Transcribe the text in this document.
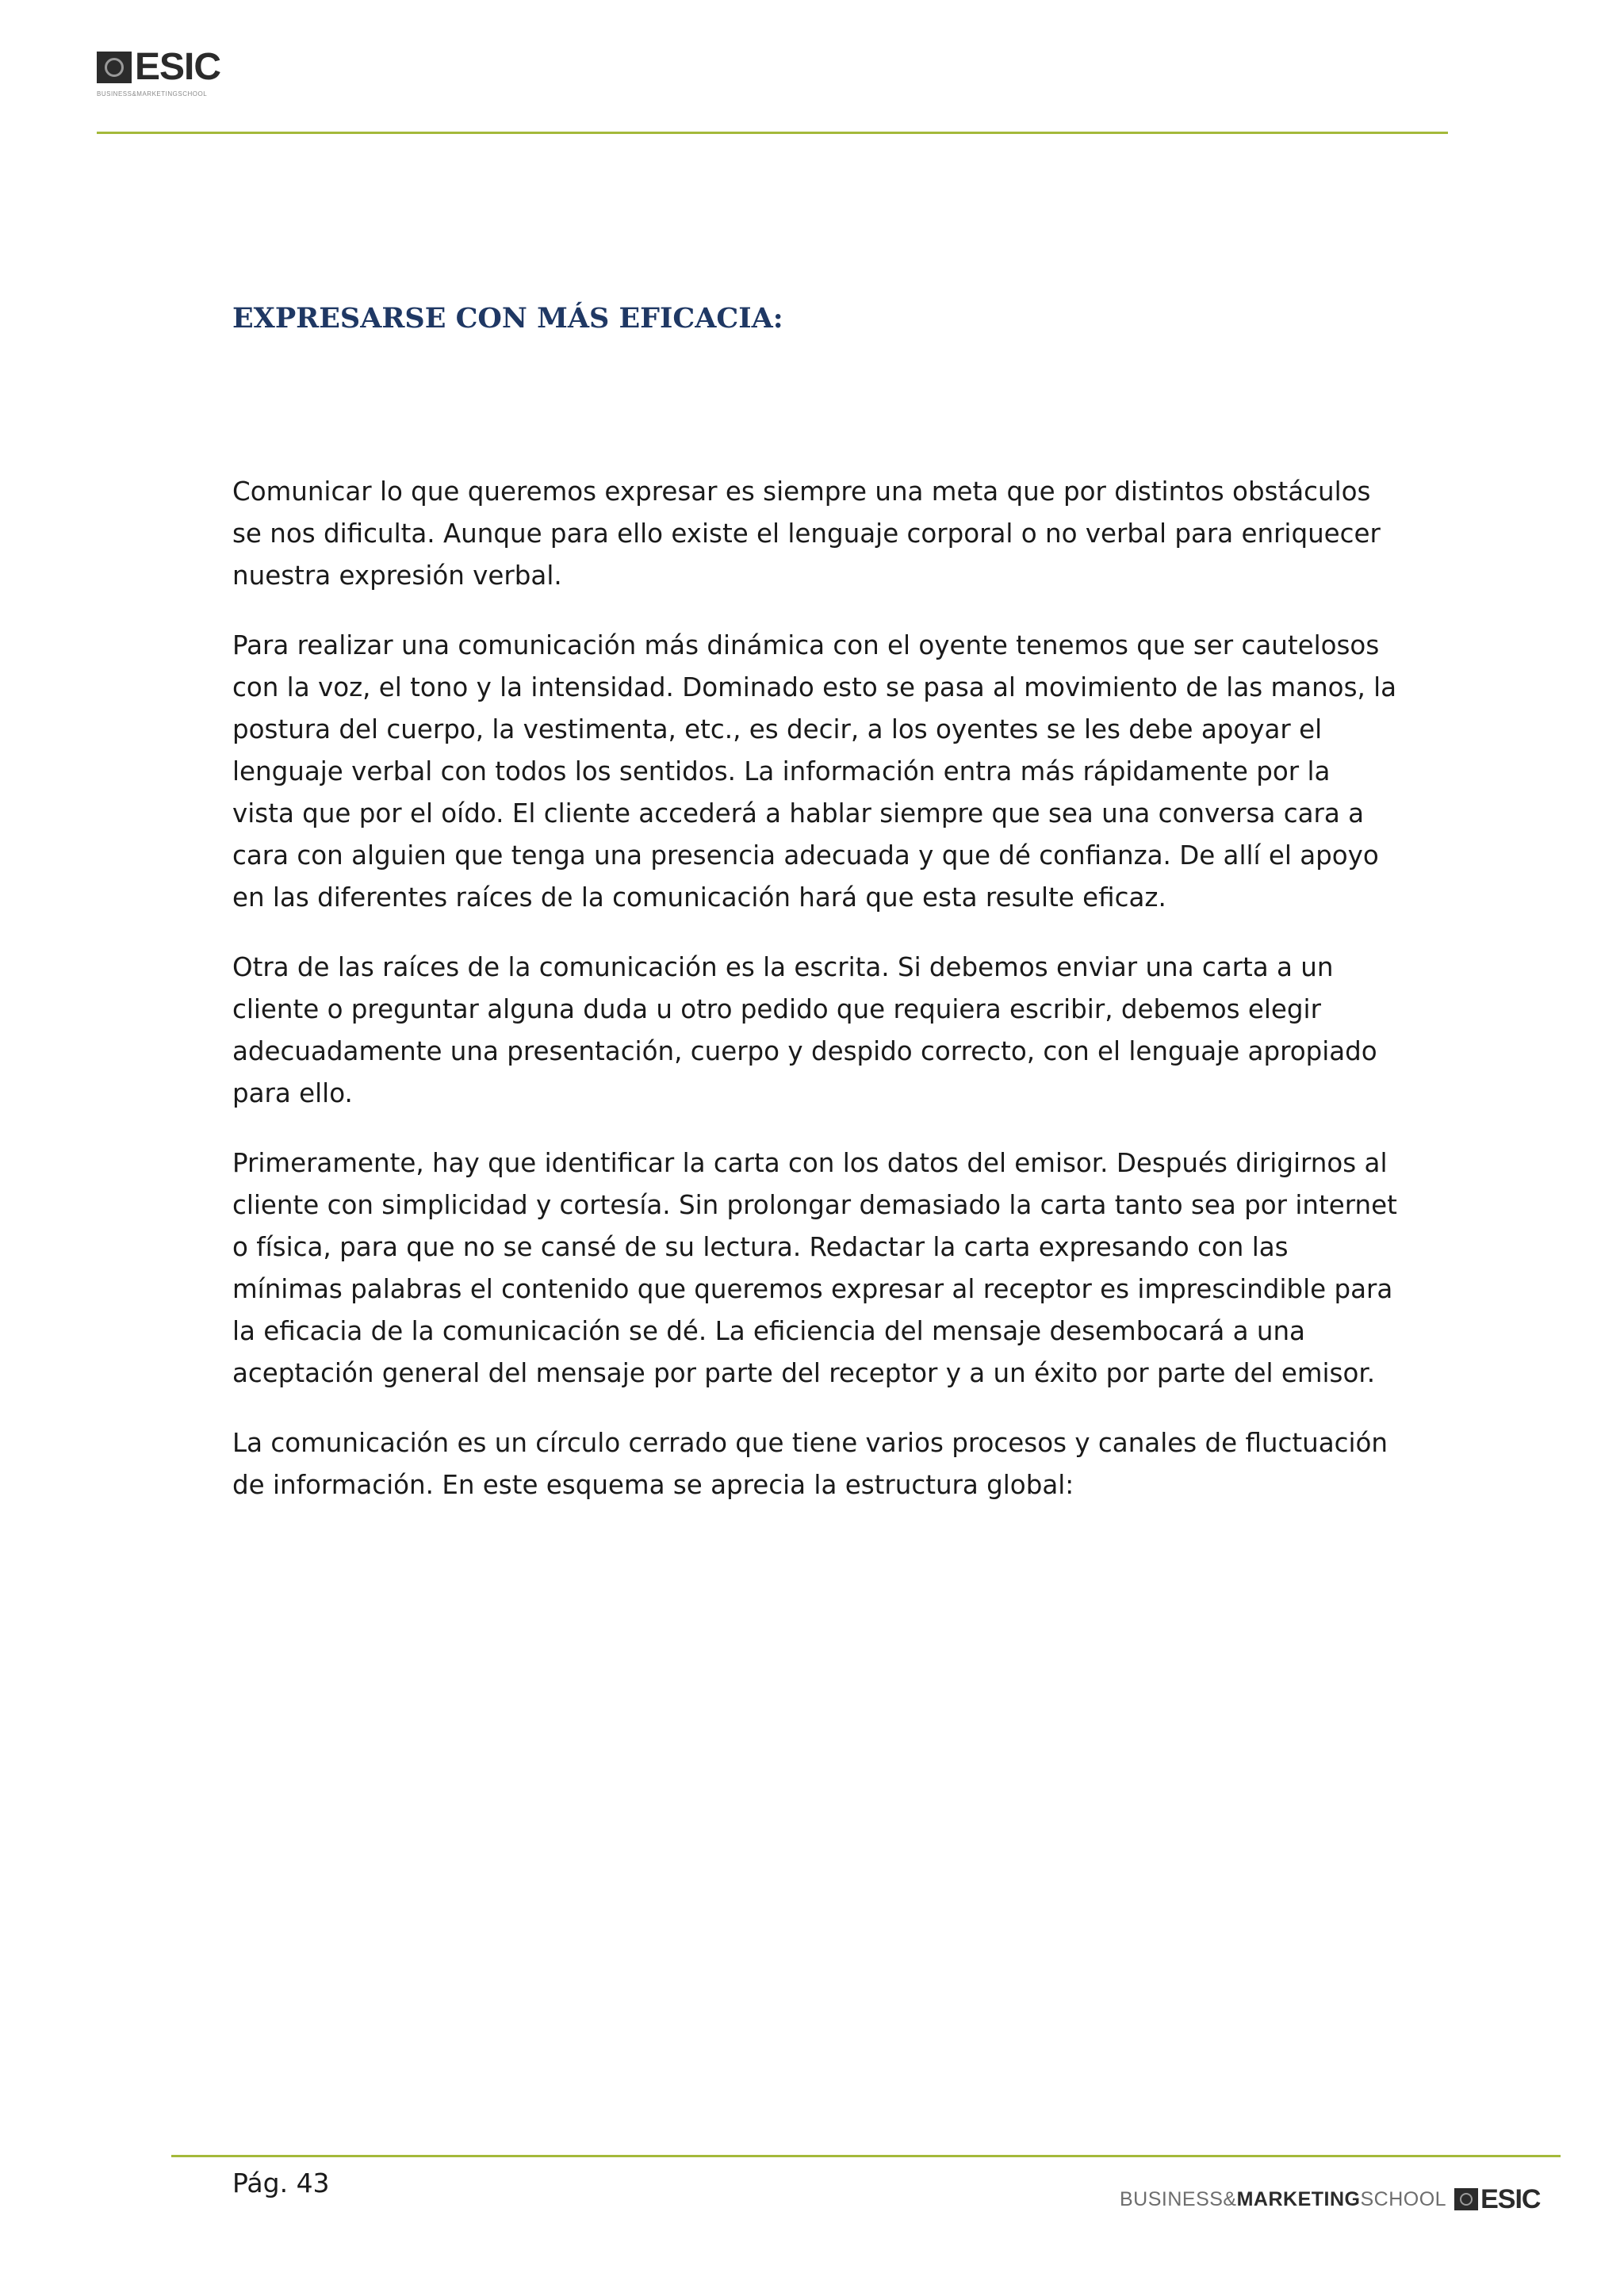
ESIC
BUSINESS&MARKETINGSCHOOL
EXPRESARSE CON MÁS EFICACIA:

Comunicar lo que queremos expresar es siempre una meta que por distintos obstáculos se nos dificulta. Aunque para ello existe el lenguaje corporal o no verbal para enriquecer nuestra expresión verbal.

Para realizar una comunicación más dinámica con el oyente tenemos que ser cautelosos con la voz, el tono y la intensidad. Dominado esto se pasa al movimiento de las manos, la postura del cuerpo, la vestimenta, etc., es decir, a los oyentes se les debe apoyar el lenguaje verbal con todos los sentidos. La información entra más rápidamente por la vista que por el oído. El cliente accederá a hablar siempre que sea una conversa cara a cara con alguien que tenga una presencia adecuada y que dé confianza. De allí el apoyo en las diferentes raíces de la comunicación hará que esta resulte eficaz.

Otra de las raíces de la comunicación es la escrita. Si debemos enviar una carta a un cliente o preguntar alguna duda u otro pedido que requiera escribir, debemos elegir adecuadamente una presentación, cuerpo y despido correcto, con el lenguaje apropiado para ello.

Primeramente, hay que identificar la carta con los datos del emisor. Después dirigirnos al cliente con simplicidad y cortesía. Sin prolongar demasiado la carta tanto sea por internet o física, para que no se cansé de su lectura. Redactar la carta expresando con las mínimas palabras el contenido que queremos expresar al receptor es imprescindible para la eficacia de la comunicación se dé. La eficiencia del mensaje desembocará a una aceptación general del mensaje por parte del receptor y a un éxito por parte del emisor.

La comunicación es un círculo cerrado que tiene varios procesos y canales de fluctuación de información. En este esquema se aprecia la estructura global:

Pág. 43
BUSINESS&MARKETINGSCHOOL ESIC
